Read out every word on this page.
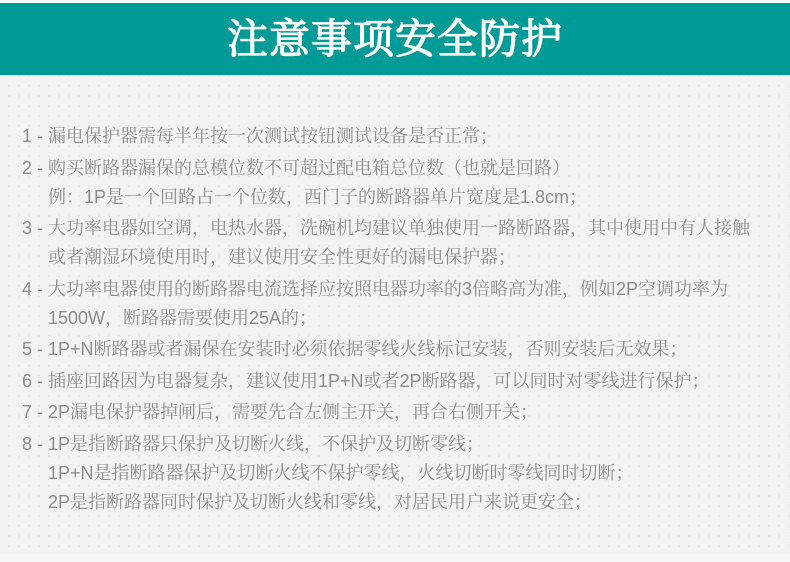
注意事项安全防护
1 - 漏电保护器需每半年按一次测试按钮测试设备是否正常；
2 - 购买断路器漏保的总模位数不可超过配电箱总位数（也就是回路）
例：1P是一个回路占一个位数，西门子的断路器单片宽度是1.8cm；
3 - 大功率电器如空调，电热水器，洗碗机均建议单独使用一路断路器，其中使用中有人接触
或者潮湿环境使用时，建议使用安全性更好的漏电保护器；
4 - 大功率电器使用的断路器电流选择应按照电器功率的3倍略高为准，例如2P空调功率为
1500W，断路器需要使用25A的；
5 - 1P+N断路器或者漏保在安装时必须依据零线火线标记安装，否则安装后无效果；
6 - 插座回路因为电器复杂，建议使用1P+N或者2P断路器，可以同时对零线进行保护；
7 - 2P漏电保护器掉闸后，需要先合左侧主开关，再合右侧开关；
8 - 1P是指断路器只保护及切断火线，不保护及切断零线；
1P+N是指断路器保护及切断火线不保护零线，火线切断时零线同时切断；
2P是指断路器同时保护及切断火线和零线，对居民用户来说更安全；
